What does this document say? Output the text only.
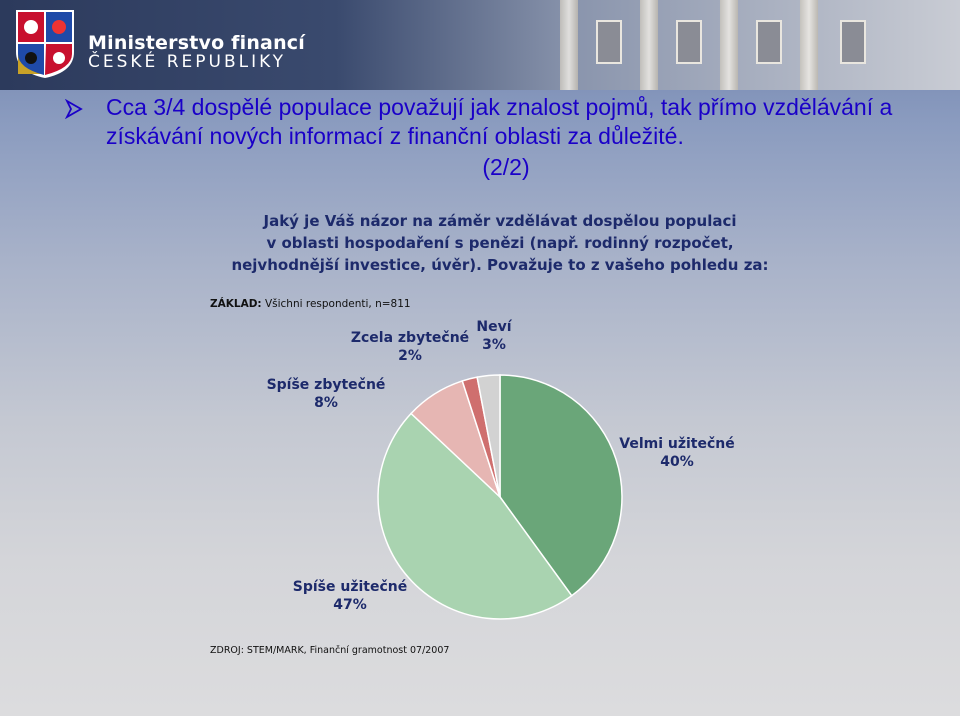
Ministerstvo financí
ČESKÉ REPUBLIKY
Cca 3/4 dospělé populace považují jak znalost pojmů, tak přímo vzdělávání a získávání nových informací z finanční oblasti za důležité.
(2/2)
Jaký je Váš názor na záměr vzdělávat dospělou populaci
v oblasti hospodaření s penězi (např. rodinný rozpočet,
nejvhodnější investice, úvěr). Považuje to z vašeho pohledu za:
ZÁKLAD: Všichni respondenti, n=811
Velmi užitečné 40%
Spíše užitečné 47%
Spíše zbytečné 8%
Zcela zbytečné 2%
Neví 3%
ZDROJ: STEM/MARK, Finanční gramotnost 07/2007
